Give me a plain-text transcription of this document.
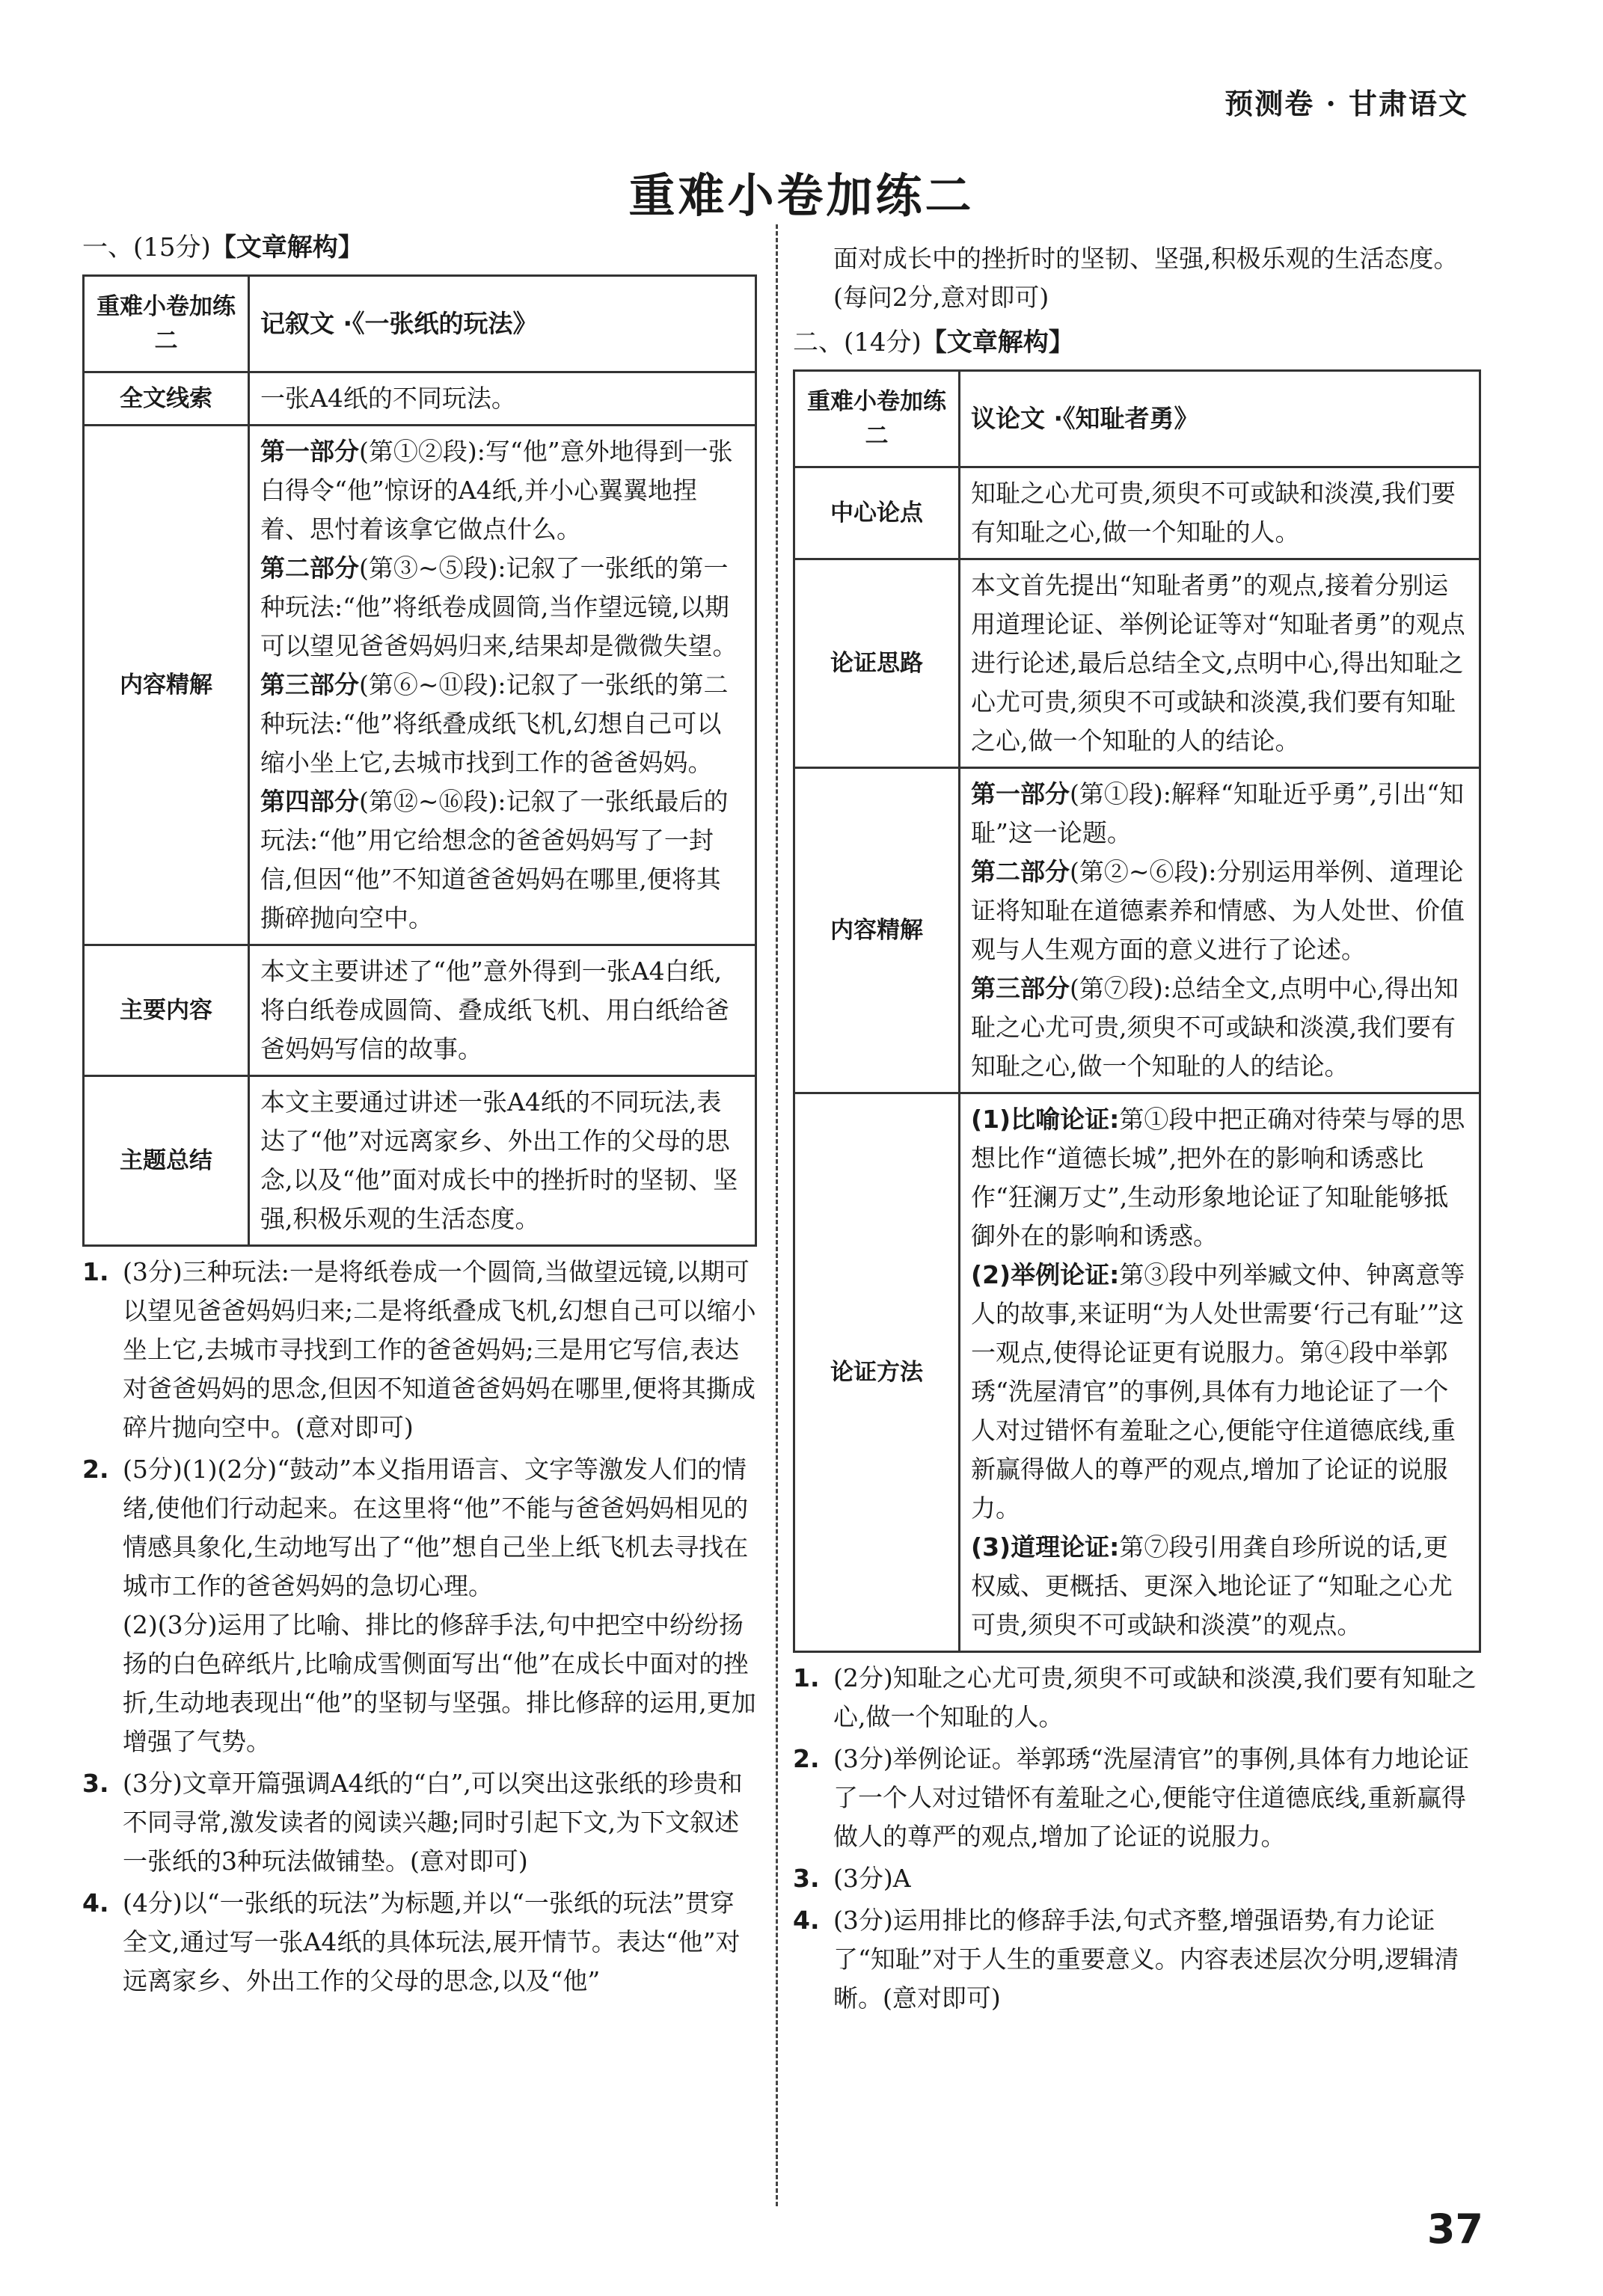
预测卷 · 甘肃语文
重难小卷加练二
一、(15分)【文章解构】
重难小卷加练二	记叙文 ·《一张纸的玩法》
全文线索	一张A4纸的不同玩法。
内容精解	第一部分(第①②段):写“他”意外地得到一张白得令“他”惊讶的A4纸,并小心翼翼地捏着、思忖着该拿它做点什么。

第二部分(第③~⑤段):记叙了一张纸的第一种玩法:“他”将纸卷成圆筒,当作望远镜,以期可以望见爸爸妈妈归来,结果却是微微失望。

第三部分(第⑥~⑪段):记叙了一张纸的第二种玩法:“他”将纸叠成纸飞机,幻想自己可以缩小坐上它,去城市找到工作的爸爸妈妈。

第四部分(第⑫~⑯段):记叙了一张纸最后的玩法:“他”用它给想念的爸爸妈妈写了一封信,但因“他”不知道爸爸妈妈在哪里,便将其撕碎抛向空中。

主要内容	本文主要讲述了“他”意外得到一张A4白纸,将白纸卷成圆筒、叠成纸飞机、用白纸给爸爸妈妈写信的故事。
主题总结	本文主要通过讲述一张A4纸的不同玩法,表达了“他”对远离家乡、外出工作的父母的思念,以及“他”面对成长中的挫折时的坚韧、坚强,积极乐观的生活态度。
1. (3分)三种玩法:一是将纸卷成一个圆筒,当做望远镜,以期可以望见爸爸妈妈归来;二是将纸叠成飞机,幻想自己可以缩小坐上它,去城市寻找到工作的爸爸妈妈;三是用它写信,表达对爸爸妈妈的思念,但因不知道爸爸妈妈在哪里,便将其撕成碎片抛向空中。(意对即可)

2. (5分)(1)(2分)“鼓动”本义指用语言、文字等激发人们的情绪,使他们行动起来。在这里将“他”不能与爸爸妈妈相见的情感具象化,生动地写出了“他”想自己坐上纸飞机去寻找在城市工作的爸爸妈妈的急切心理。

(2)(3分)运用了比喻、排比的修辞手法,句中把空中纷纷扬扬的白色碎纸片,比喻成雪侧面写出“他”在成长中面对的挫折,生动地表现出“他”的坚韧与坚强。排比修辞的运用,更加增强了气势。

3. (3分)文章开篇强调A4纸的“白”,可以突出这张纸的珍贵和不同寻常,激发读者的阅读兴趣;同时引起下文,为下文叙述一张纸的3种玩法做铺垫。(意对即可)

4. (4分)以“一张纸的玩法”为标题,并以“一张纸的玩法”贯穿全文,通过写一张A4纸的具体玩法,展开情节。表达“他”对远离家乡、外出工作的父母的思念,以及“他”

面对成长中的挫折时的坚韧、坚强,积极乐观的生活态度。(每问2分,意对即可)

二、(14分)【文章解构】
重难小卷加练二	议论文 ·《知耻者勇》
中心论点	知耻之心尤可贵,须臾不可或缺和淡漠,我们要有知耻之心,做一个知耻的人。
论证思路	本文首先提出“知耻者勇”的观点,接着分别运用道理论证、举例论证等对“知耻者勇”的观点进行论述,最后总结全文,点明中心,得出知耻之心尤可贵,须臾不可或缺和淡漠,我们要有知耻之心,做一个知耻的人的结论。
内容精解	第一部分(第①段):解释“知耻近乎勇”,引出“知耻”这一论题。

第二部分(第②~⑥段):分别运用举例、道理论证将知耻在道德素养和情感、为人处世、价值观与人生观方面的意义进行了论述。

第三部分(第⑦段):总结全文,点明中心,得出知耻之心尤可贵,须臾不可或缺和淡漠,我们要有知耻之心,做一个知耻的人的结论。

论证方法	(1)比喻论证:第①段中把正确对待荣与辱的思想比作“道德长城”,把外在的影响和诱惑比作“狂澜万丈”,生动形象地论证了知耻能够抵御外在的影响和诱惑。

(2)举例论证:第③段中列举臧文仲、钟离意等人的故事,来证明“为人处世需要‘行己有耻’”这一观点,使得论证更有说服力。第④段中举郭琇“洗屋清官”的事例,具体有力地论证了一个人对过错怀有羞耻之心,便能守住道德底线,重新赢得做人的尊严的观点,增加了论证的说服力。

(3)道理论证:第⑦段引用龚自珍所说的话,更权威、更概括、更深入地论证了“知耻之心尤可贵,须臾不可或缺和淡漠”的观点。

1. (2分)知耻之心尤可贵,须臾不可或缺和淡漠,我们要有知耻之心,做一个知耻的人。

2. (3分)举例论证。举郭琇“洗屋清官”的事例,具体有力地论证了一个人对过错怀有羞耻之心,便能守住道德底线,重新赢得做人的尊严的观点,增加了论证的说服力。

3. (3分)A

4. (3分)运用排比的修辞手法,句式齐整,增强语势,有力论证了“知耻”对于人生的重要意义。内容表述层次分明,逻辑清晰。(意对即可)

37
